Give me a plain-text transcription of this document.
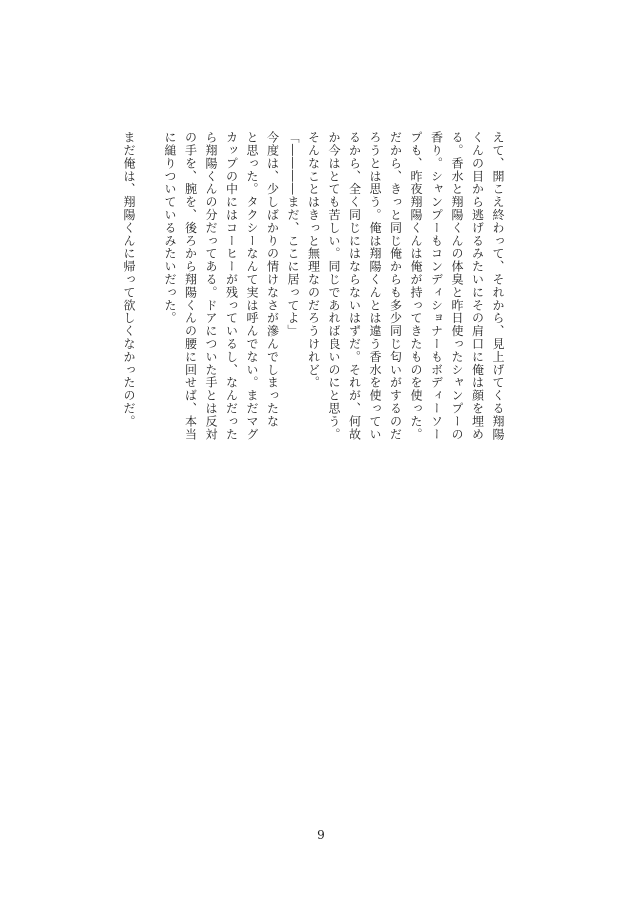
えて、開こえ終わって、それから、見上げてくる翔陽
くんの目から逃げるみたいにその肩口に俺は顔を埋め
る。香水と翔陽くんの体臭と昨日使ったシャンプーの
香り。シャンプーもコンディショナーもボディーソー
プも、昨夜翔陽くんは俺が持ってきたものを使った。
だから、きっと同じ俺からも多少同じ匂いがするのだ
ろうとは思う。俺は翔陽くんとは違う香水を使ってい
るから、全く同じにはならないはずだ。それが、何故
か今はとても苦しい。同じであれば良いのにと思う。
そんなことはきっと無理なのだろうけれど。
「――――まだ、ここに居ってよ」
今度は、少しばかりの情けなさが滲んでしまったな
と思った。タクシーなんて実は呼んでない。まだマグ
カップの中にはコーヒーが残っているし、なんだった
ら翔陽くんの分だってある。ドアについた手とは反対
の手を、腕を、後ろから翔陽くんの腰に回せば、本当
に縋りついているみたいだった。
まだ俺は、翔陽くんに帰って欲しくなかったのだ。
9
